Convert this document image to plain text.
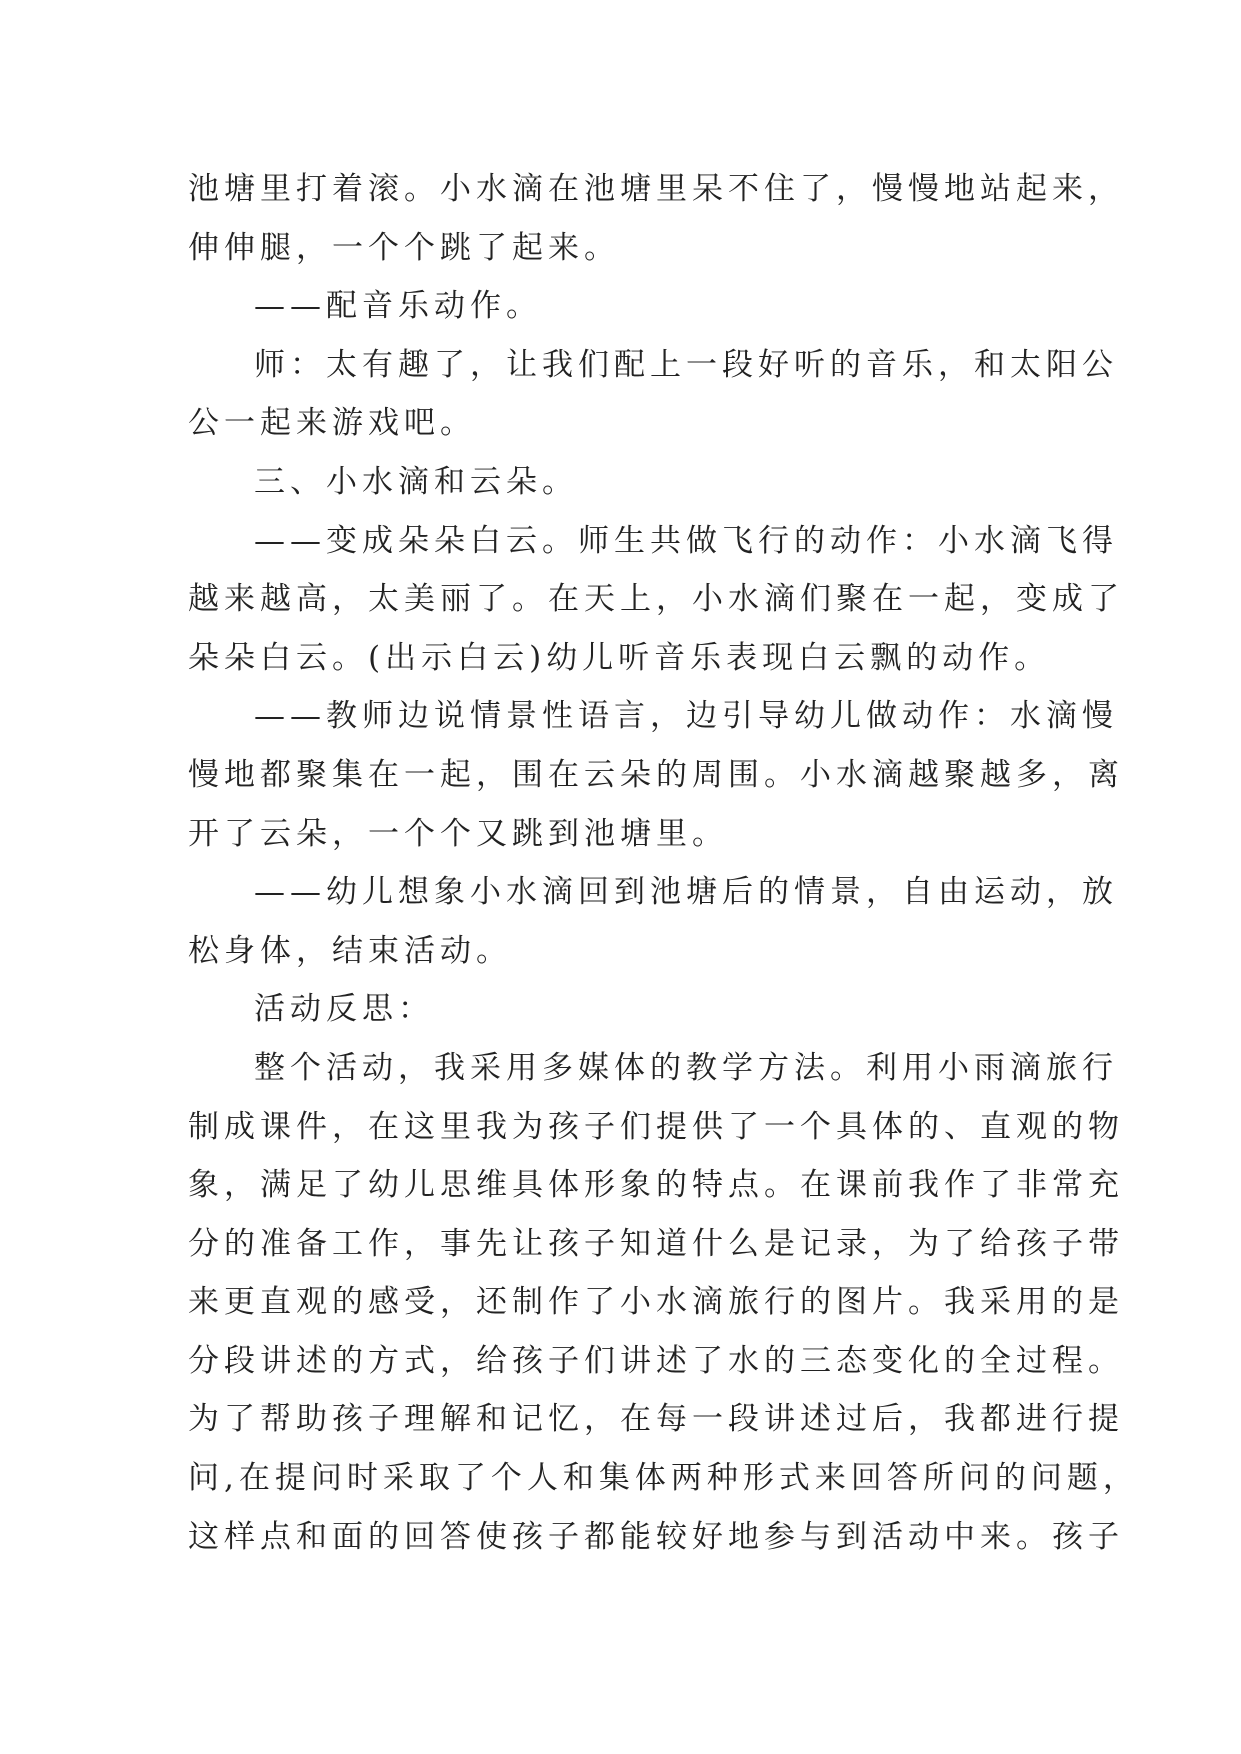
池塘里打着滚。小水滴在池塘里呆不住了，慢慢地站起来，
伸伸腿，一个个跳了起来。
——配音乐动作。
师：太有趣了，让我们配上一段好听的音乐，和太阳公
公一起来游戏吧。
三、小水滴和云朵。
——变成朵朵白云。师生共做飞行的动作：小水滴飞得
越来越高，太美丽了。在天上，小水滴们聚在一起，变成了
朵朵白云。(出示白云)幼儿听音乐表现白云飘的动作。
——教师边说情景性语言，边引导幼儿做动作：水滴慢
慢地都聚集在一起，围在云朵的周围。小水滴越聚越多，离
开了云朵，一个个又跳到池塘里。
——幼儿想象小水滴回到池塘后的情景，自由运动，放
松身体，结束活动。
活动反思：
整个活动，我采用多媒体的教学方法。利用小雨滴旅行
制成课件，在这里我为孩子们提供了一个具体的、直观的物
象，满足了幼儿思维具体形象的特点。在课前我作了非常充
分的准备工作，事先让孩子知道什么是记录，为了给孩子带
来更直观的感受，还制作了小水滴旅行的图片。我采用的是
分段讲述的方式，给孩子们讲述了水的三态变化的全过程。
为了帮助孩子理解和记忆，在每一段讲述过后，我都进行提
问,在提问时采取了个人和集体两种形式来回答所问的问题，
这样点和面的回答使孩子都能较好地参与到活动中来。孩子
